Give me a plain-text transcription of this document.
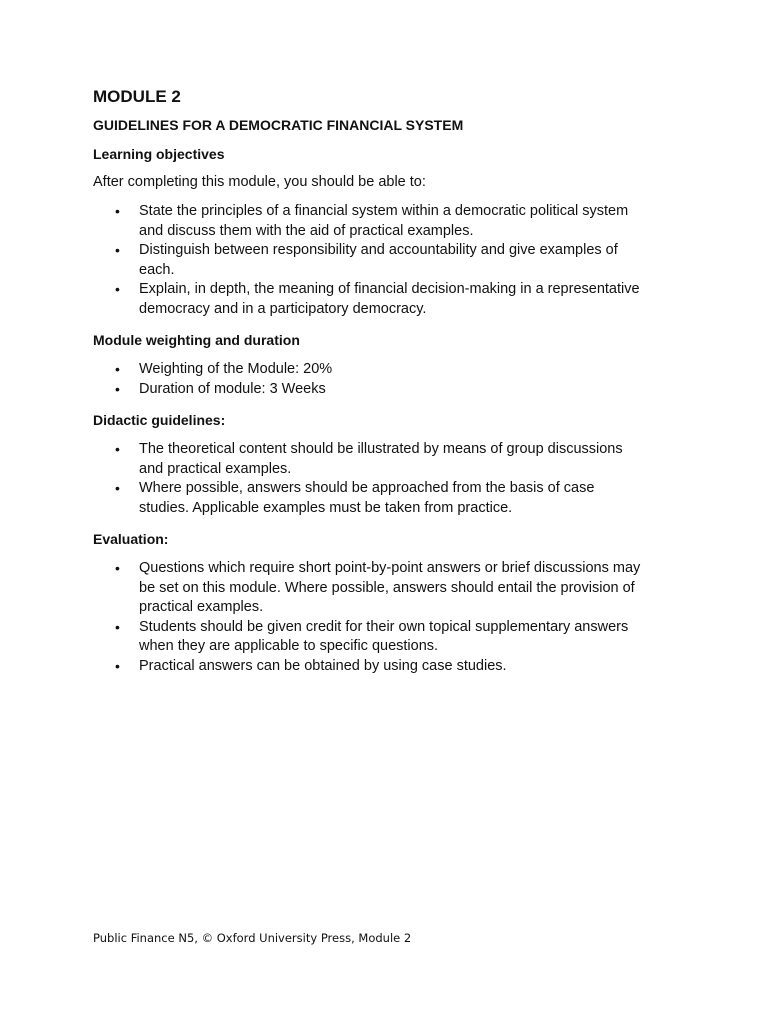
MODULE 2
GUIDELINES FOR A DEMOCRATIC FINANCIAL SYSTEM
Learning objectives

After completing this module, you should be able to:

• State the principles of a financial system within a democratic political system
and discuss them with the aid of practical examples.
• Distinguish between responsibility and accountability and give examples of
each.
• Explain, in depth, the meaning of financial decision-making in a representative
democracy and in a participatory democracy.
Module weighting and duration
• Weighting of the Module: 20%
• Duration of module: 3 Weeks
Didactic guidelines:
• The theoretical content should be illustrated by means of group discussions
and practical examples.
• Where possible, answers should be approached from the basis of case
studies. Applicable examples must be taken from practice.
Evaluation:
• Questions which require short point-by-point answers or brief discussions may
be set on this module. Where possible, answers should entail the provision of
practical examples.
• Students should be given credit for their own topical supplementary answers
when they are applicable to specific questions.
• Practical answers can be obtained by using case studies.
Public Finance N5, © Oxford University Press, Module 2
